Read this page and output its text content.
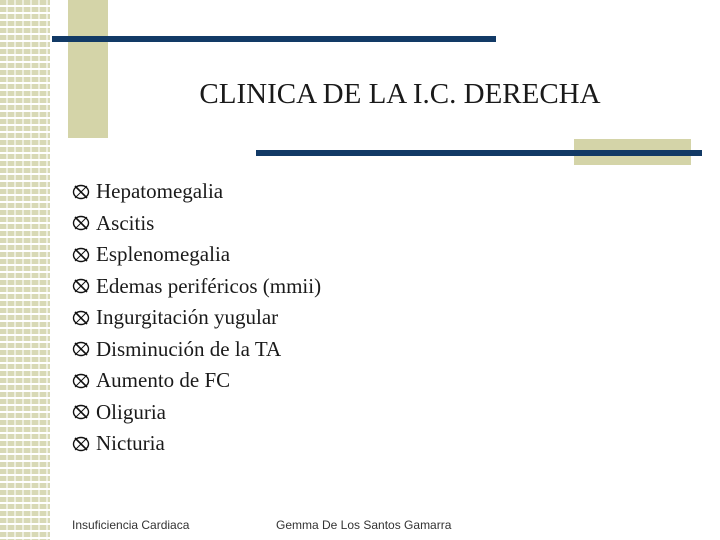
CLINICA DE LA I.C. DERECHA
Hepatomegalia
Ascitis
Esplenomegalia
Edemas periféricos (mmii)
Ingurgitación yugular
Disminución de la TA
Aumento de FC
Oliguria
Nicturia
Insuficiencia Cardiaca	Gemma De Los Santos Gamarra
